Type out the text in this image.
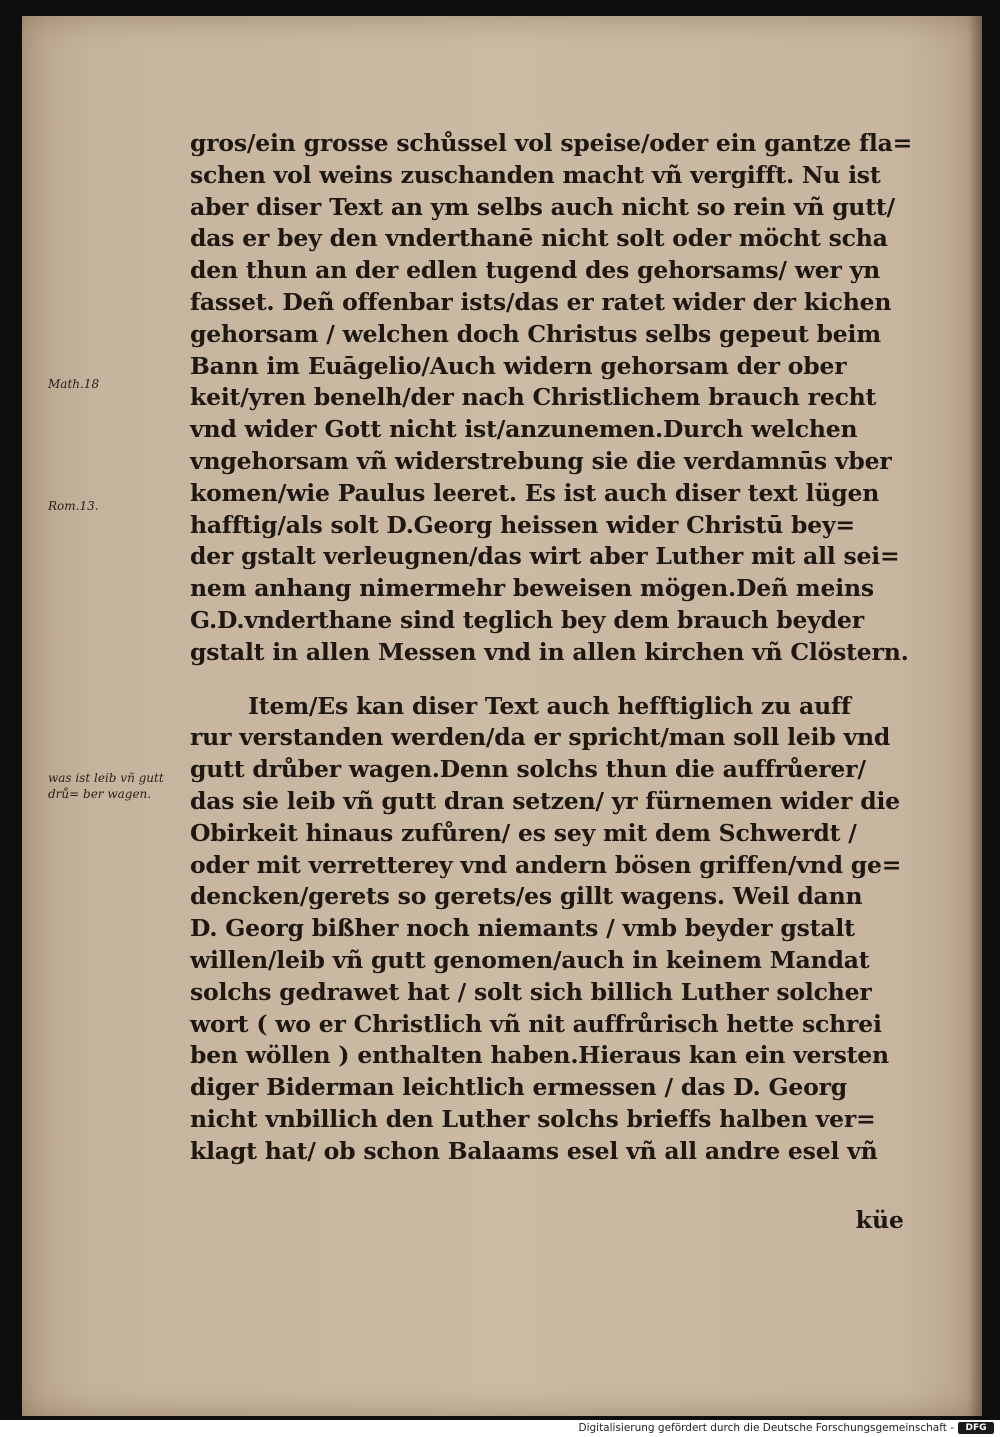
Math.18
Rom.13.
was ist leib vñ gutt drů= ber wagen.
gros/ein grosse schůssel vol speise/oder ein gantze fla=
schen vol weins zuschanden macht vñ vergifft. Nu ist
aber diser Text an ym selbs auch nicht so rein vñ gutt/
das er bey den vnderthanē nicht solt oder möcht scha
den thun an der edlen tugend des gehorsams/ wer yn
fasset. Deñ offenbar ists/das er ratet wider der kichen
gehorsam / welchen doch Christus selbs gepeut beim
Bann im Euāgelio/Auch widern gehorsam der ober
keit/yren benelh/der nach Christlichem brauch recht
vnd wider Gott nicht ist/anzunemen.Durch welchen
vngehorsam vñ widerstrebung sie die verdamnūs vber
komen/wie Paulus leeret. Es ist auch diser text lügen
hafftig/als solt D.Georg heissen wider Christū bey=
der gstalt verleugnen/das wirt aber Luther mit all sei=
nem anhang nimermehr beweisen mögen.Deñ meins
G.D.vnderthane sind teglich bey dem brauch beyder
gstalt in allen Messen vnd in allen kirchen vñ Clöstern.
Item/Es kan diser Text auch hefftiglich zu auff
rur verstanden werden/da er spricht/man soll leib vnd
gutt drůber wagen.Denn solchs thun die auffrůerer/
das sie leib vñ gutt dran setzen/ yr fürnemen wider die
Obirkeit hinaus zufůren/ es sey mit dem Schwerdt /
oder mit verretterey vnd andern bösen griffen/vnd ge=
dencken/gerets so gerets/es gillt wagens. Weil dann
D. Georg bißher noch niemants / vmb beyder gstalt
willen/leib vñ gutt genomen/auch in keinem Mandat
solchs gedrawet hat / solt sich billich Luther solcher
wort ( wo er Christlich vñ nit auffrůrisch hette schrei
ben wöllen ) enthalten haben.Hieraus kan ein versten
diger Biderman leichtlich ermessen / das D. Georg
nicht vnbillich den Luther solchs brieffs halben ver=
klagt hat/ ob schon Balaams esel vñ all andre esel vñ
küe
Digitalisierung gefördert durch die Deutsche Forschungsgemeinschaft -	DFG
